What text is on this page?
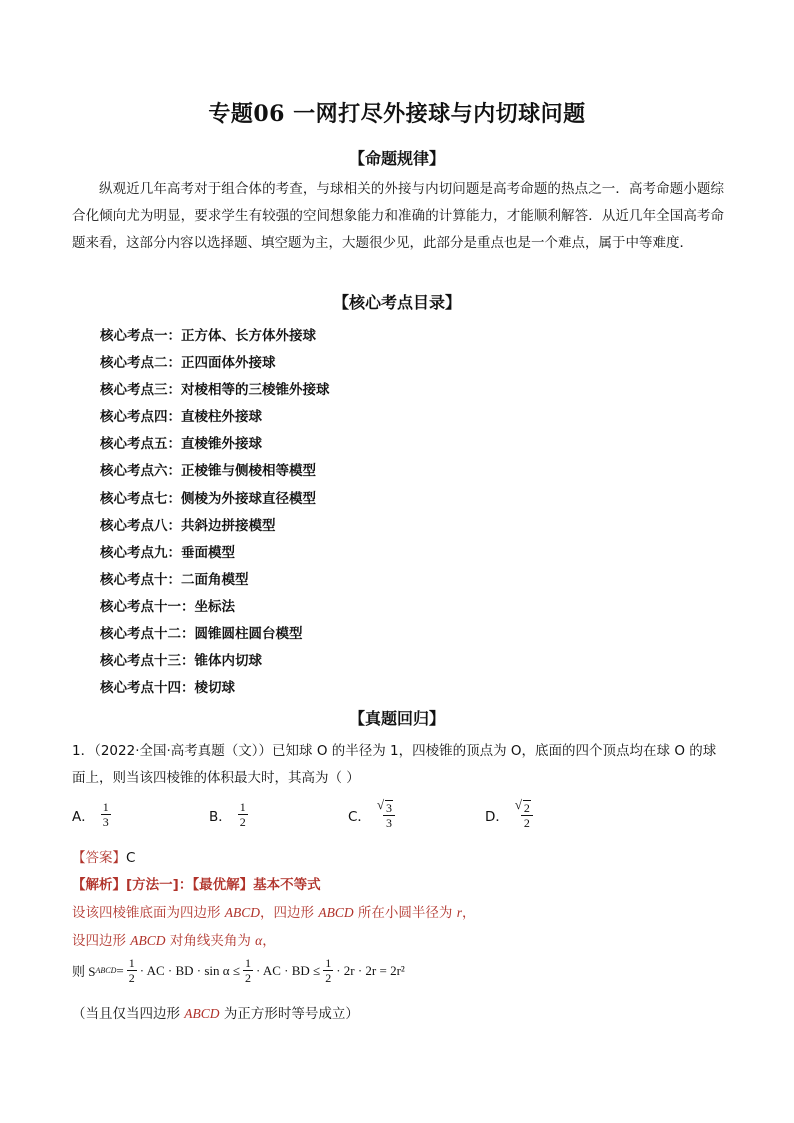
专题06 一网打尽外接球与内切球问题
【命题规律】
纵观近几年高考对于组合体的考查，与球相关的外接与内切问题是高考命题的热点之一．高考命题小题综合化倾向尤为明显，要求学生有较强的空间想象能力和准确的计算能力，才能顺利解答．从近几年全国高考命题来看，这部分内容以选择题、填空题为主，大题很少见，此部分是重点也是一个难点，属于中等难度．
【核心考点目录】
核心考点一：正方体、长方体外接球
核心考点二：正四面体外接球
核心考点三：对棱相等的三棱锥外接球
核心考点四：直棱柱外接球
核心考点五：直棱锥外接球
核心考点六：正棱锥与侧棱相等模型
核心考点七：侧棱为外接球直径模型
核心考点八：共斜边拼接模型
核心考点九：垂面模型
核心考点十：二面角模型
核心考点十一：坐标法
核心考点十二：圆锥圆柱圆台模型
核心考点十三：锥体内切球
核心考点十四：棱切球
【真题回归】
1．（2022·全国·高考真题（文））已知球 O 的半径为 1，四棱锥的顶点为 O，底面的四个顶点均在球 O 的球
面上，则当该四棱锥的体积最大时，其高为（ ）
A． $\frac{1}{3}$	B． $\frac{1}{2}$	C． √ $\frac{3}{3}$	D． √ $\frac{2}{2}$
【答案】C
【解析】[方法一]：【最优解】基本不等式
设该四棱锥底面为四边形 ABCD，四边形 ABCD 所在小圆半径为 r，
设四边形 ABCD 对角线夹角为 α，
则 S ABCD = $\frac{1}{2}$ · AC · BD · $\sin \alpha \le \frac{1}{2}$ · AC · BD ≤ $\frac{1}{2} \cdot 2r \cdot 2r = 2r^2$
（当且仅当四边形 ABCD 为正方形时等号成立）
